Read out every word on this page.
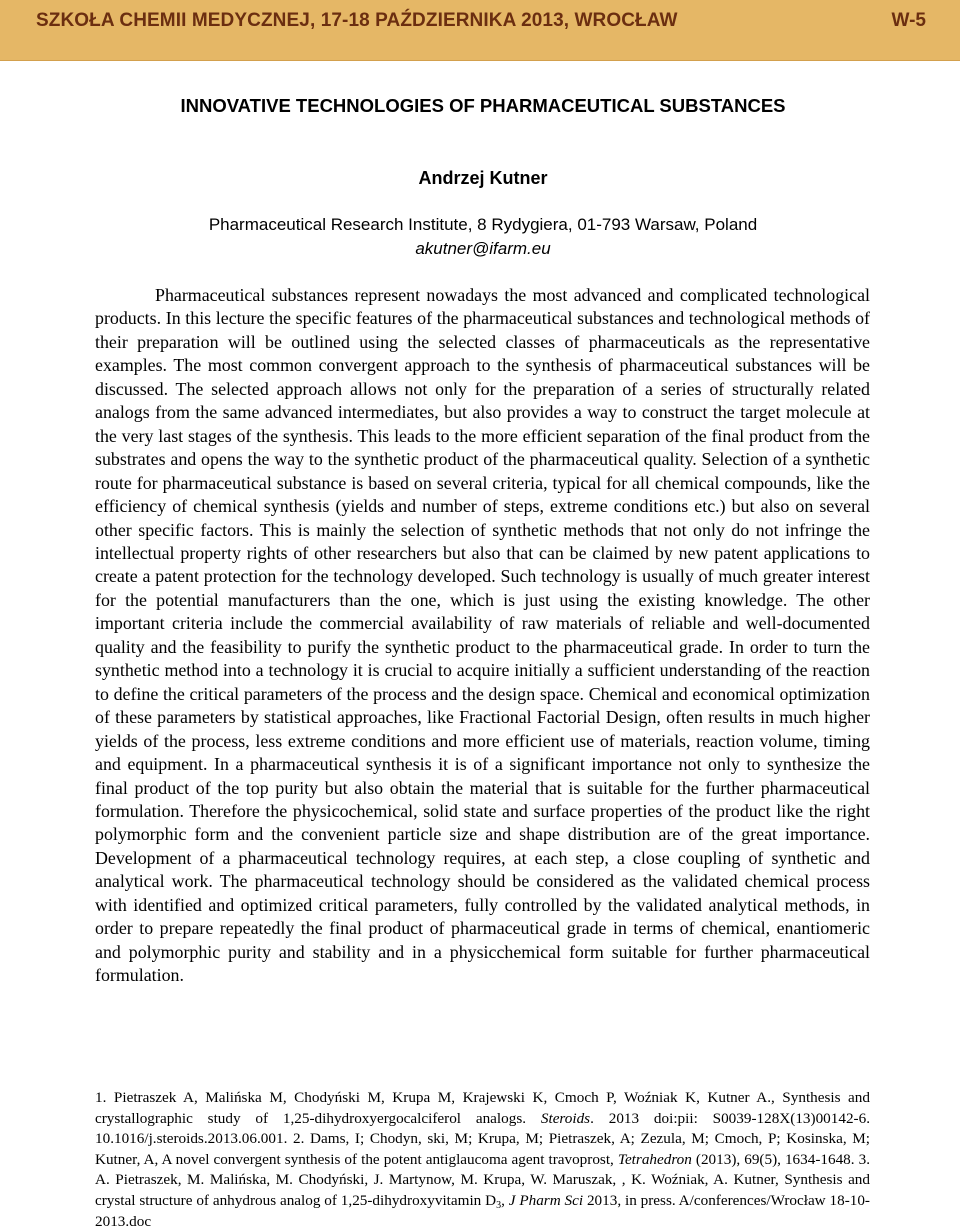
SZKOŁA CHEMII MEDYCZNEJ, 17-18 PAŹDZIERNIKA 2013, WROCŁAW	W-5
INNOVATIVE TECHNOLOGIES OF PHARMACEUTICAL SUBSTANCES
Andrzej Kutner
Pharmaceutical Research Institute, 8 Rydygiera, 01-793 Warsaw, Poland
akutner@ifarm.eu

Pharmaceutical substances represent nowadays the most advanced and complicated technological products. In this lecture the specific features of the pharmaceutical substances and technological methods of their preparation will be outlined using the selected classes of pharmaceuticals as the representative examples. The most common convergent approach to the synthesis of pharmaceutical substances will be discussed. The selected approach allows not only for the preparation of a series of structurally related analogs from the same advanced intermediates, but also provides a way to construct the target molecule at the very last stages of the synthesis. This leads to the more efficient separation of the final product from the substrates and opens the way to the synthetic product of the pharmaceutical quality. Selection of a synthetic route for pharmaceutical substance is based on several criteria, typical for all chemical compounds, like the efficiency of chemical synthesis (yields and number of steps, extreme conditions etc.) but also on several other specific factors. This is mainly the selection of synthetic methods that not only do not infringe the intellectual property rights of other researchers but also that can be claimed by new patent applications to create a patent protection for the technology developed. Such technology is usually of much greater interest for the potential manufacturers than the one, which is just using the existing knowledge. The other important criteria include the commercial availability of raw materials of reliable and well-documented quality and the feasibility to purify the synthetic product to the pharmaceutical grade. In order to turn the synthetic method into a technology it is crucial to acquire initially a sufficient understanding of the reaction to define the critical parameters of the process and the design space. Chemical and economical optimization of these parameters by statistical approaches, like Fractional Factorial Design, often results in much higher yields of the process, less extreme conditions and more efficient use of materials, reaction volume, timing and equipment. In a pharmaceutical synthesis it is of a significant importance not only to synthesize the final product of the top purity but also obtain the material that is suitable for the further pharmaceutical formulation. Therefore the physicochemical, solid state and surface properties of the product like the right polymorphic form and the convenient particle size and shape distribution are of the great importance. Development of a pharmaceutical technology requires, at each step, a close coupling of synthetic and analytical work. The pharmaceutical technology should be considered as the validated chemical process with identified and optimized critical parameters, fully controlled by the validated analytical methods, in order to prepare repeatedly the final product of pharmaceutical grade in terms of chemical, enantiomeric and polymorphic purity and stability and in a physicchemical form suitable for further pharmaceutical formulation.

1. Pietraszek A, Malińska M, Chodyński M, Krupa M, Krajewski K, Cmoch P, Woźniak K, Kutner A., Synthesis and crystallographic study of 1,25-dihydroxyergocalciferol analogs. Steroids. 2013 doi:pii: S0039-128X(13)00142-6. 10.1016/j.steroids.2013.06.001. 2. Dams, I; Chodyn, ski, M; Krupa, M; Pietraszek, A; Zezula, M; Cmoch, P; Kosinska, M; Kutner, A, A novel convergent synthesis of the potent antiglaucoma agent travoprost, Tetrahedron (2013), 69(5), 1634-1648. 3. A. Pietraszek, M. Malińska, M. Chodyński, J. Martynow, M. Krupa, W. Maruszak, , K. Woźniak, A. Kutner, Synthesis and crystal structure of anhydrous analog of 1,25-dihydroxyvitamin $D_3$, J Pharm Sci 2013, in press. A/conferences/Wrocław 18-10-2013.doc
